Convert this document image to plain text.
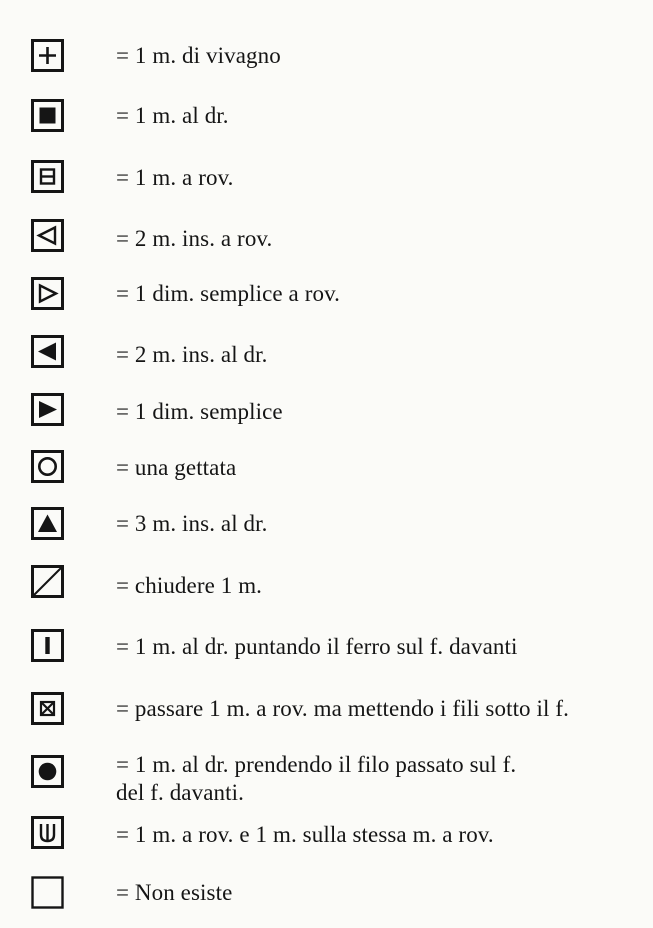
= 1 m. di vivagno
= 1 m. al dr.
= 1 m. a rov.
= 2 m. ins. a rov.
= 1 dim. semplice a rov.
= 2 m. ins. al dr.
= 1 dim. semplice
= una gettata
= 3 m. ins. al dr.
= chiudere 1 m.
= 1 m. al dr. puntando il ferro sul f. davanti
= passare 1 m. a rov. ma mettendo i fili sotto il f.
= 1 m. al dr. prendendo il filo passato sul f.
del f. davanti.
= 1 m. a rov. e 1 m. sulla stessa m. a rov.
= Non esiste
